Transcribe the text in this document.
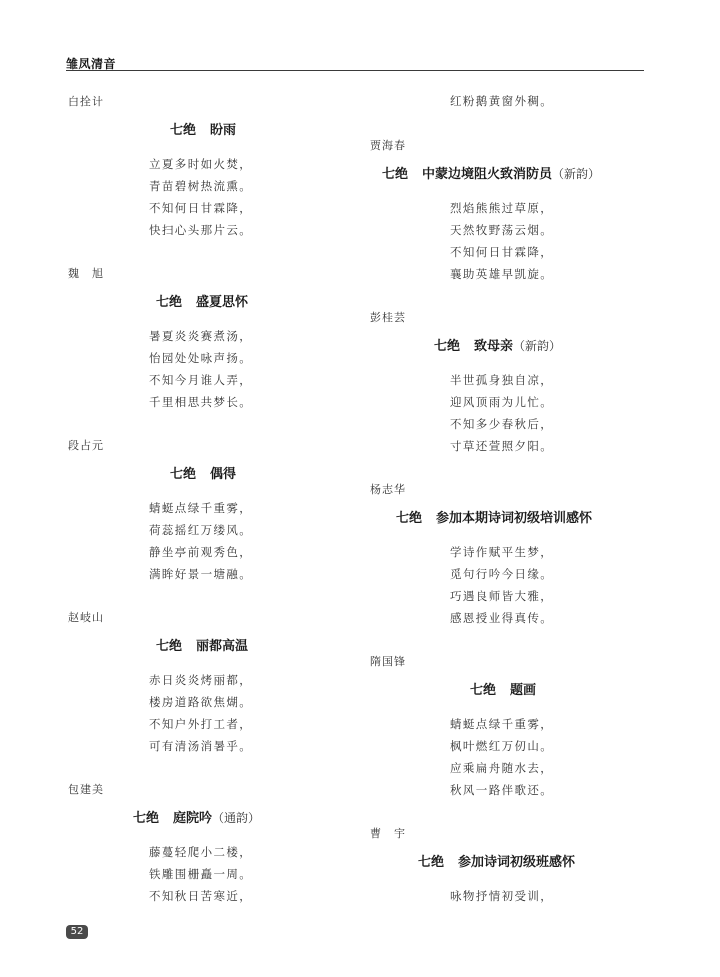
雏凤清音
白拴计
七绝 盼雨
立夏多时如火焚，
青苗碧树热流熏。
不知何日甘霖降，
快扫心头那片云。
魏　旭
七绝 盛夏思怀
暑夏炎炎赛煮汤，
怡园处处咏声扬。
不知今月谁人弄，
千里相思共梦长。
段占元
七绝 偶得
蜻蜓点绿千重雾，
荷蕊摇红万缕风。
静坐亭前观秀色，
满眸好景一塘融。
赵岐山
七绝 丽都高温
赤日炎炎烤丽都，
楼房道路欲焦煳。
不知户外打工者，
可有清汤消暑乎。
包建美
七绝 庭院吟（通韵）
藤蔓轻爬小二楼，
铁雕围栅矗一周。
不知秋日苦寒近，
红粉鹅黄窗外稠。
贾海春
七绝 中蒙边境阻火致消防员（新韵）
烈焰熊熊过草原，
天然牧野荡云烟。
不知何日甘霖降，
襄助英雄早凯旋。
彭桂芸
七绝 致母亲（新韵）
半世孤身独自凉，
迎风顶雨为儿忙。
不知多少春秋后，
寸草还萱照夕阳。
杨志华
七绝 参加本期诗词初级培训感怀
学诗作赋平生梦，
觅句行吟今日缘。
巧遇良师皆大雅，
感恩授业得真传。
隋国锋
七绝 题画
蜻蜓点绿千重雾，
枫叶燃红万仞山。
应乘扁舟随水去，
秋风一路伴歌还。
曹　宇
七绝 参加诗词初级班感怀
咏物抒情初受训，
52
